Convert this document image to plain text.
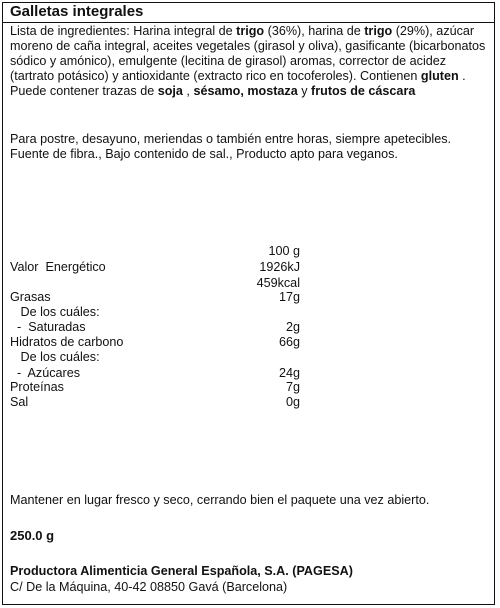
Galletas integrales
Lista de ingredientes: Harina integral de trigo (36%), harina de trigo (29%), azúcar moreno de caña integral, aceites vegetales (girasol y oliva), gasificante (bicarbonatos sódico y amónico), emulgente (lecitina de girasol) aromas, corrector de acidez (tartrato potásico) y antioxidante (extracto rico en tocoferoles). Contienen gluten . Puede contener trazas de soja , sésamo, mostaza y frutos de cáscara
Para postre, desayuno, meriendas o también entre horas, siempre apetecibles. Fuente de fibra., Bajo contenido de sal., Producto apto para veganos.
100 g
Valor  Energético	1926kJ
459kcal
Grasas	17g
De los cuáles:
-  Saturadas	2g
Hidratos de carbono	66g
De los cuáles:
-  Azúcares	24g
Proteínas	7g
Sal	0g
Mantener en lugar fresco y seco, cerrando bien el paquete una vez abierto.
250.0 g
Productora Alimenticia General Española, S.A. (PAGESA)
C/ De la Máquina, 40-42 08850 Gavá (Barcelona)
